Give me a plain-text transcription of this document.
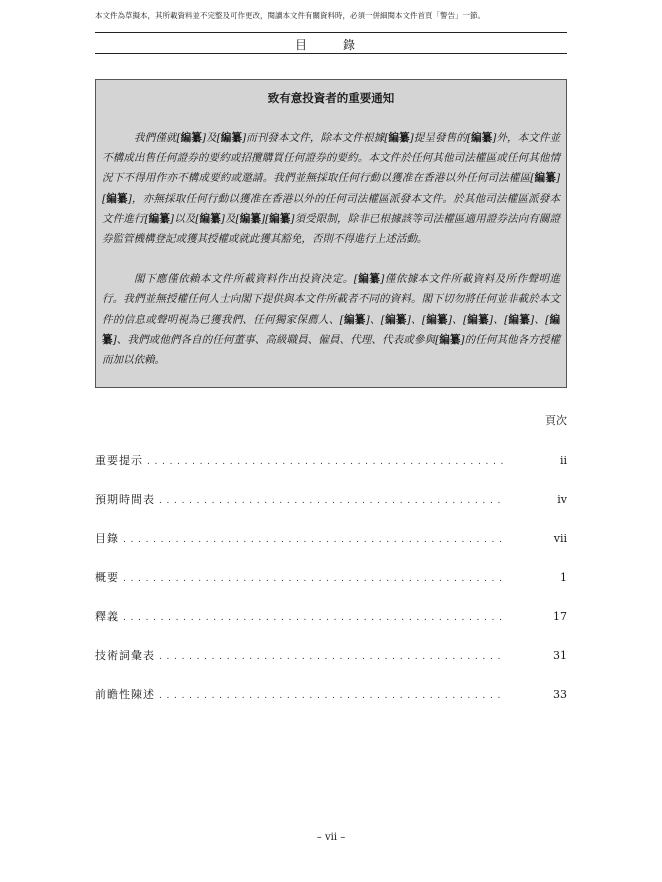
本文件為草擬本，其所載資料並不完整及可作更改，閱讀本文件有關資料時，必須一併細閱本文件首頁「警告」一節。
目　錄
致有意投資者的重要通知

我們僅就[編纂]及[編纂]而刊發本文件，除本文件根據[編纂]提呈發售的[編纂]外，本文件並不構成出售任何證券的要約或招攬購買任何證券的要約。本文件於任何其他司法權區或任何其他情況下不得用作亦不構成要約或邀請。我們並無採取任何行動以獲准在香港以外任何司法權區[編纂][編纂]，亦無採取任何行動以獲准在香港以外的任何司法權區派發本文件。於其他司法權區派發本文件進行[編纂]以及[編纂]及[編纂][編纂]須受限制，除非已根據該等司法權區適用證券法向有關證券監管機構登記或獲其授權或就此獲其豁免，否則不得進行上述活動。

閣下應僅依賴本文件所載資料作出投資決定。[編纂]僅依據本文件所載資料及所作聲明進行。我們並無授權任何人士向閣下提供與本文件所載者不同的資料。閣下切勿將任何並非載於本文件的信息或聲明視為已獲我們、任何獨家保薦人、[編纂]、[編纂]、[編纂]、[編纂]、[編纂]、[編纂]、我們或他們各自的任何董事、高級職員、僱員、代理、代表或參與[編纂]的任何其他各方授權而加以依賴。

頁次
重要提示 . . .	ii
預期時間表 . . .	iv
目錄 . . .	vii
概要 . . .	1
釋義 . . .	17
技術詞彙表 . . .	31
前瞻性陳述 . . .	33
– vii –
